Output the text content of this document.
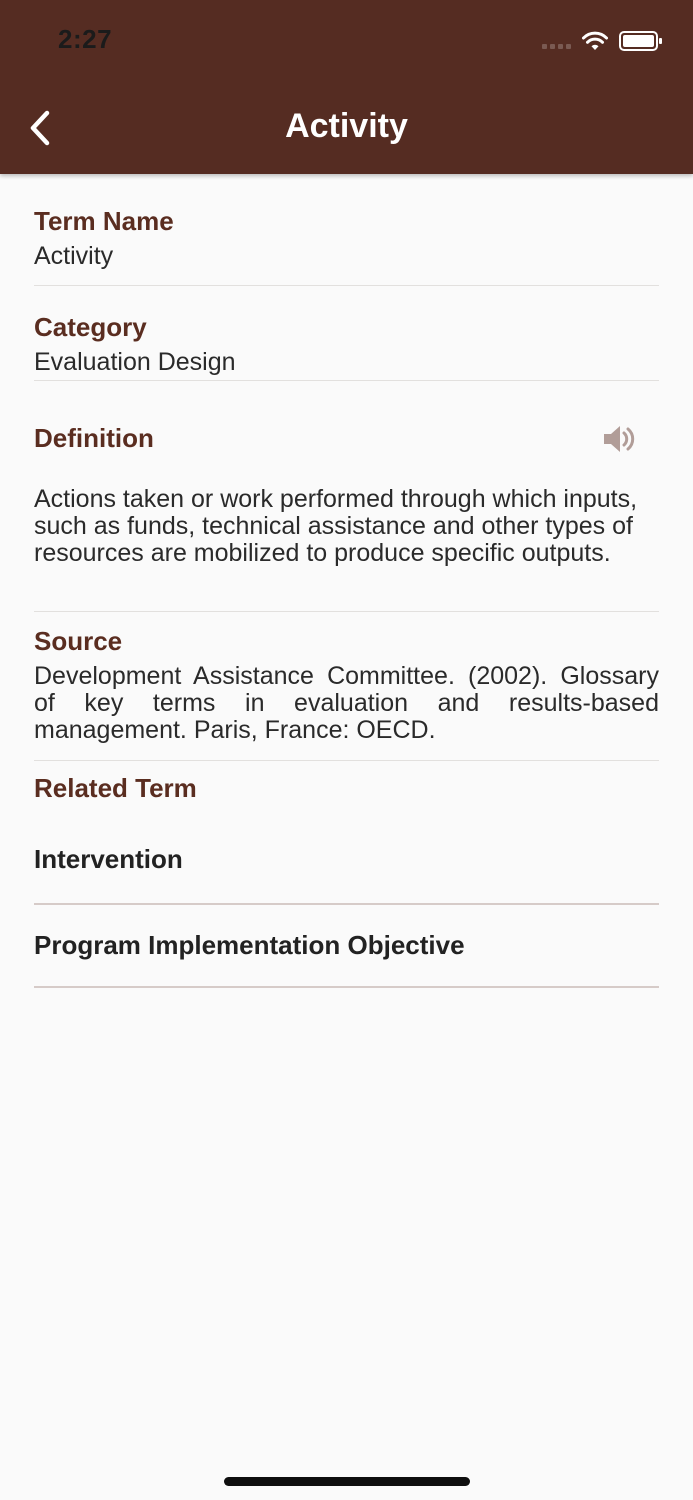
2:27
Activity
Term Name
Activity
Category
Evaluation Design
Definition
Actions taken or work performed through which inputs, such as funds, technical assistance and other types of resources are mobilized to produce specific outputs.
Source
Development Assistance Committee. (2002). Glossary of key terms in evaluation and results-based management. Paris, France: OECD.
Related Term
Intervention
Program Implementation Objective
